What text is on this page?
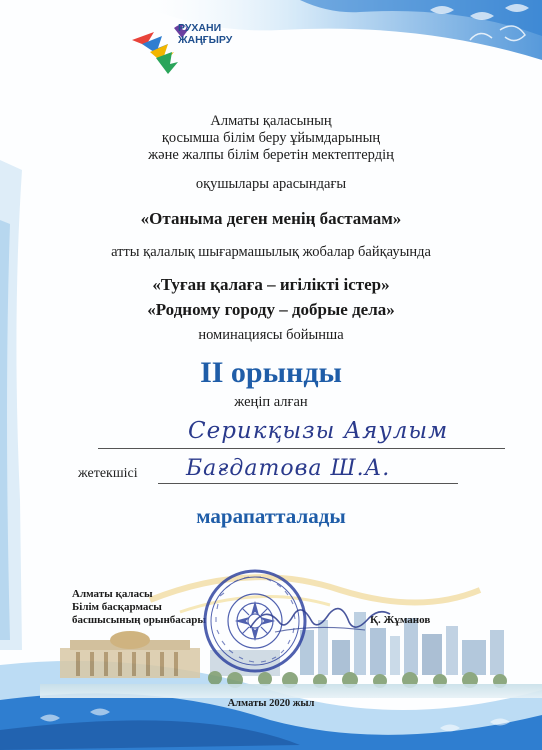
РУХАНИ
ЖАҢҒЫРУ
Алматы қаласының
қосымша білім беру ұйымдарының
және жалпы білім беретін мектептердің
оқушылары арасындағы
«Отаныма деген менің бастамам»
атты қалалық шығармашылық жобалар байқауында
«Туған қалаға – игілікті істер»
«Родному городу – добрые дела»
номинациясы бойынша
ІІ орынды
жеңіп алған
Серикқызы Аяулым
жетекшісі Бағдатова Ш.А.
марапатталады
Алматы қаласы
Білім басқармасы
басшысының орынбасары	Қ. Жұманов
Алматы 2020 жыл
